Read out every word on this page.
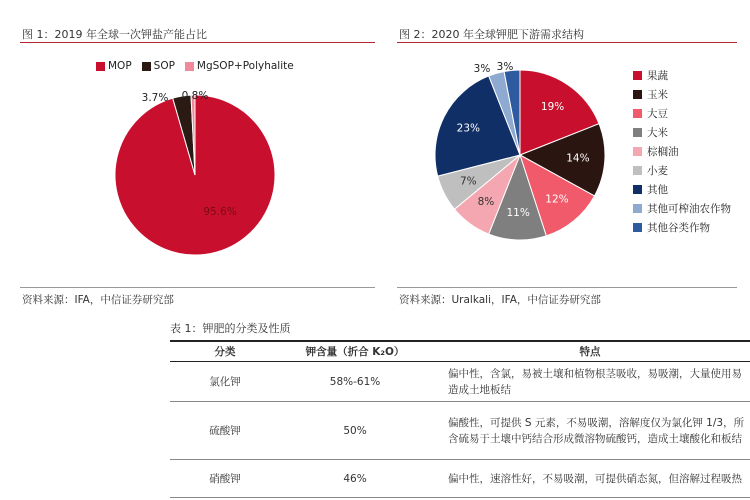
图 1：2019 年全球一次钾盐产能占比
MOP SOP MgSOP+Polyhalite
95.6%
3.7% 0.8%
资料来源：IFA，中信证券研究部
图 2：2020 年全球钾肥下游需求结构
19%
14%
12%
11%
8%
7%
23%
3% 3%
果蔬
玉米
大豆
大米
棕榈油
小麦
其他
其他可榨油农作物
其他谷类作物
资料来源：Uralkali，IFA，中信证券研究部
表 1：钾肥的分类及性质
分类	钾含量（折合 K₂O）	特点
氯化钾	58%-61%	偏中性，含氯，易被土壤和植物根茎吸收，易吸潮，大量使用易造成土地板结
硫酸钾	50%	偏酸性，可提供 S 元素，不易吸潮，溶解度仅为氯化钾 1/3，所含硫易于土壤中钙结合形成微溶物硫酸钙，造成土壤酸化和板结
硝酸钾	46%	偏中性，速溶性好，不易吸潮，可提供硝态氮，但溶解过程吸热
